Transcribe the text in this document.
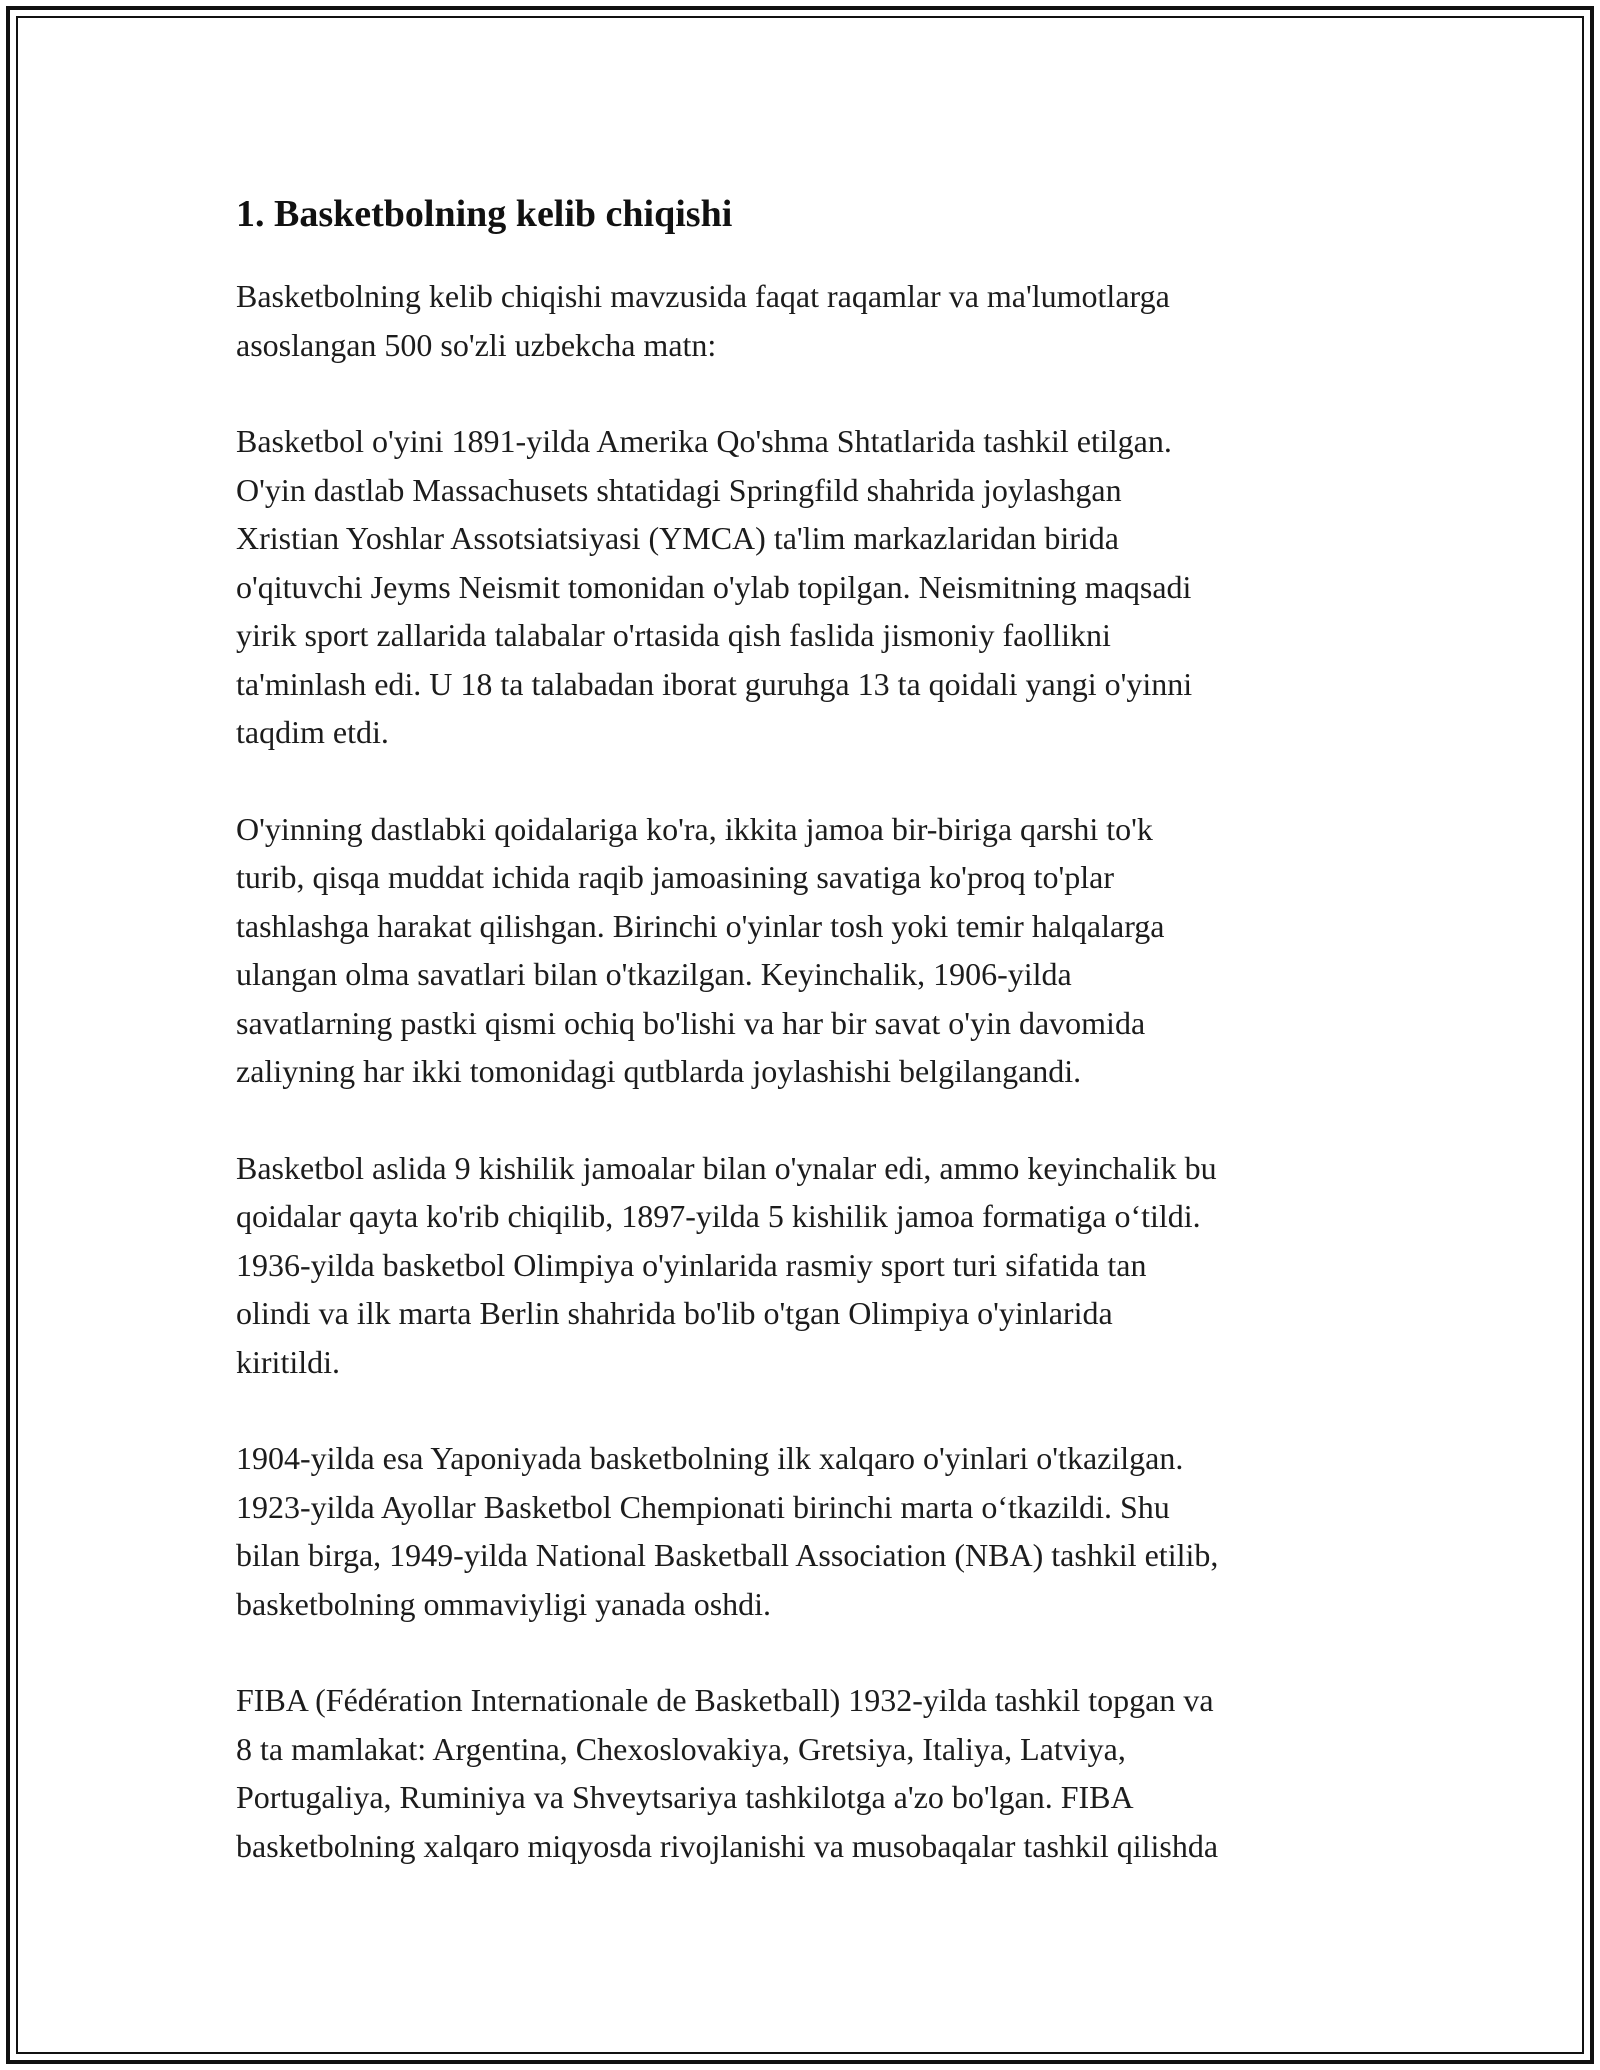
1. Basketbolning kelib chiqishi
Basketbolning kelib chiqishi mavzusida faqat raqamlar va ma'lumotlarga
asoslangan 500 so'zli uzbekcha matn:
Basketbol o'yini 1891-yilda Amerika Qo'shma Shtatlarida tashkil etilgan.
O'yin dastlab Massachusets shtatidagi Springfild shahrida joylashgan
Xristian Yoshlar Assotsiatsiyasi (YMCA) ta'lim markazlaridan birida
o'qituvchi Jeyms Neismit tomonidan o'ylab topilgan. Neismitning maqsadi
yirik sport zallarida talabalar o'rtasida qish faslida jismoniy faollikni
ta'minlash edi. U 18 ta talabadan iborat guruhga 13 ta qoidali yangi o'yinni
taqdim etdi.
O'yinning dastlabki qoidalariga ko'ra, ikkita jamoa bir-biriga qarshi to'k
turib, qisqa muddat ichida raqib jamoasining savatiga ko'proq to'plar
tashlashga harakat qilishgan. Birinchi o'yinlar tosh yoki temir halqalarga
ulangan olma savatlari bilan o'tkazilgan. Keyinchalik, 1906-yilda
savatlarning pastki qismi ochiq bo'lishi va har bir savat o'yin davomida
zaliyning har ikki tomonidagi qutblarda joylashishi belgilangandi.
Basketbol aslida 9 kishilik jamoalar bilan o'ynalar edi, ammo keyinchalik bu
qoidalar qayta ko'rib chiqilib, 1897-yilda 5 kishilik jamoa formatiga o‘tildi.
1936-yilda basketbol Olimpiya o'yinlarida rasmiy sport turi sifatida tan
olindi va ilk marta Berlin shahrida bo'lib o'tgan Olimpiya o'yinlarida
kiritildi.
1904-yilda esa Yaponiyada basketbolning ilk xalqaro o'yinlari o'tkazilgan.
1923-yilda Ayollar Basketbol Chempionati birinchi marta o‘tkazildi. Shu
bilan birga, 1949-yilda National Basketball Association (NBA) tashkil etilib,
basketbolning ommaviyligi yanada oshdi.
FIBA (Fédération Internationale de Basketball) 1932-yilda tashkil topgan va
8 ta mamlakat: Argentina, Chexoslovakiya, Gretsiya, Italiya, Latviya,
Portugaliya, Ruminiya va Shveytsariya tashkilotga a'zo bo'lgan. FIBA
basketbolning xalqaro miqyosda rivojlanishi va musobaqalar tashkil qilishda
